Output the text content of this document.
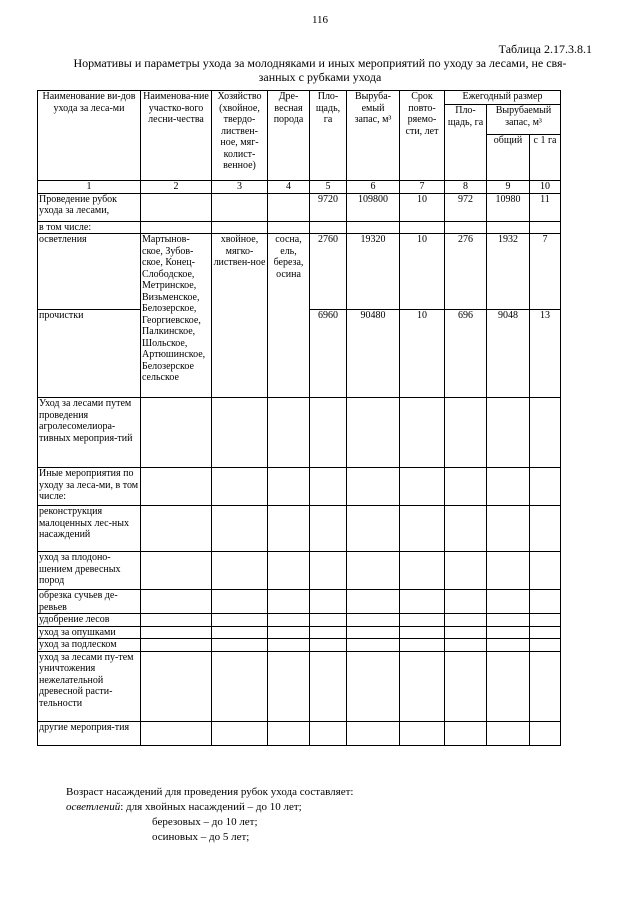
116
Таблица 2.17.3.8.1
Нормативы и параметры ухода за молодняками и иных мероприятий по уходу за лесами, не свя-
занных с рубками ухода
Наименование ви-дов ухода за леса-ми	Наименова-ние участко-вого лесни-чества	Хозяйство (хвойное, твердо-листвен-ное, мяг-колист-венное)	Дре-весная порода	Пло-щадь, га	Выруба-емый запас, м³	Срок повто-ряемо-сти, лет	Ежегодный размер		
							Пло-щадь, га	Вырубаемый запас, м³	
								общий	с 1 га
1	2	3	4	5	6	7	8	9	10
Проведение рубок ухода за лесами,				9720	109800	10	972	10980	11
в том числе:									
осветления	Мартынов-ское, Зубов-ское, Конец-Слободское, Метринское, Визьменское, Белозерское, Георгиевское, Палкинское, Шольское, Артюшинское, Белозерское сельское	хвойное, мягко-листвен-ное	сосна, ель, береза, осина	2760	19320	10	276	1932	7
прочистки				6960	90480	10	696	9048	13
Уход за лесами путем проведения агролесомелиора-тивных мероприя-тий									
Иные мероприятия по уходу за леса-ми, в том числе:									
реконструкция малоценных лес-ных насаждений									
уход за плодоно-шением древесных пород									
обрезка сучьев де-ревьев									
удобрение лесов									
уход за опушками									
уход за подлеском									
уход за лесами пу-тем уничтожения нежелательной древесной расти-тельности									
другие мероприя-тия									
Возраст насаждений для проведения рубок ухода составляет:
осветлений: для хвойных насаждений – до 10 лет;
березовых – до 10 лет;
осиновых – до 5 лет;
